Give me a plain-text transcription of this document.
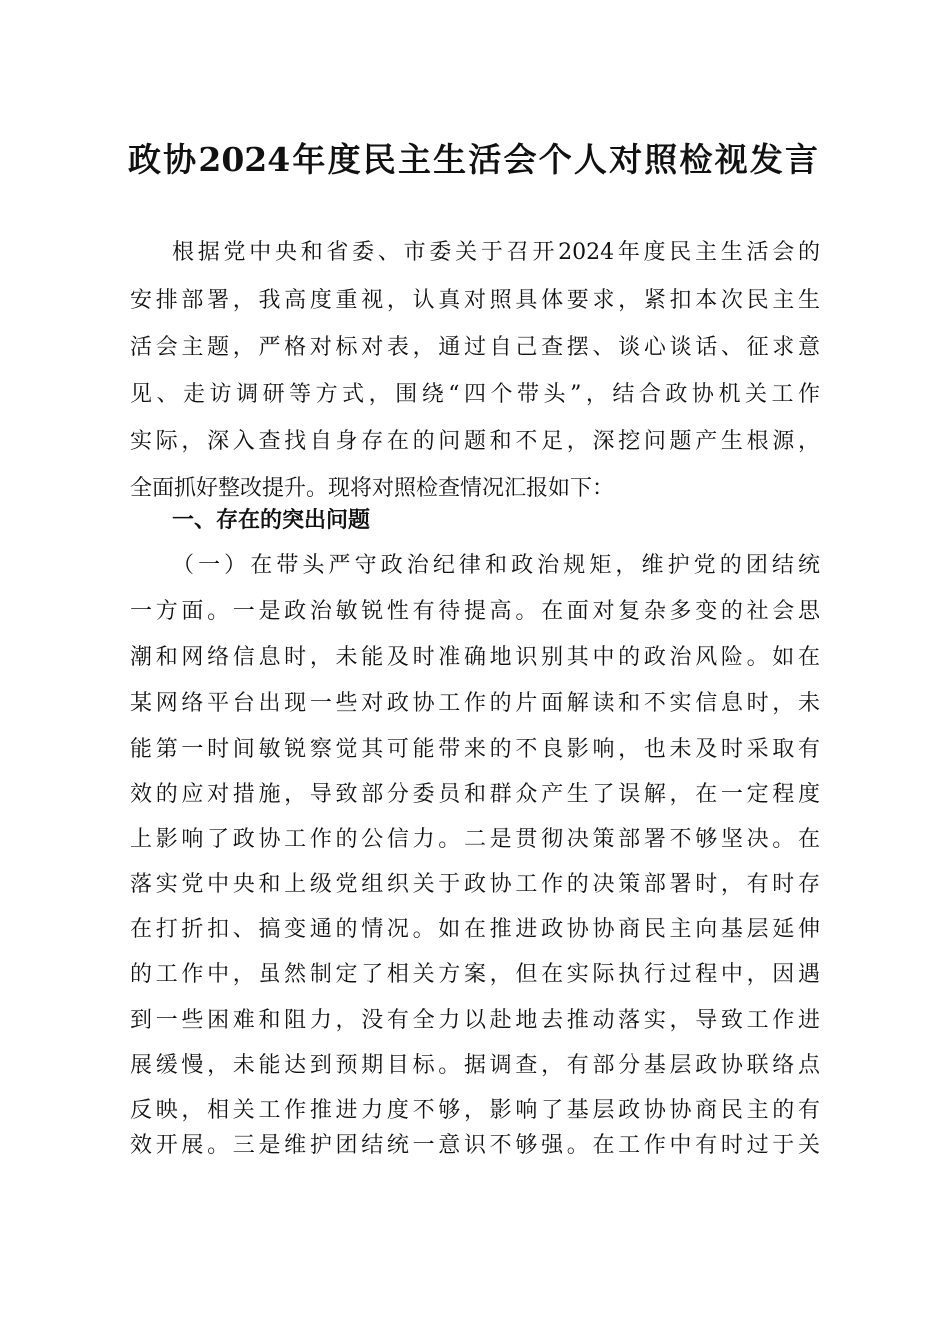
政协2024年度民主生活会个人对照检视发言
根据党中央和省委、市委关于召开2024年度民主生活会的
安排部署，我高度重视，认真对照具体要求，紧扣本次民主生
活会主题，严格对标对表，通过自己查摆、谈心谈话、征求意
见、走访调研等方式，围绕“四个带头”，结合政协机关工作
实际，深入查找自身存在的问题和不足，深挖问题产生根源，
全面抓好整改提升。现将对照检查情况汇报如下：
一、存在的突出问题
（一）在带头严守政治纪律和政治规矩，维护党的团结统
一方面。一是政治敏锐性有待提高。在面对复杂多变的社会思
潮和网络信息时，未能及时准确地识别其中的政治风险。如在
某网络平台出现一些对政协工作的片面解读和不实信息时，未
能第一时间敏锐察觉其可能带来的不良影响，也未及时采取有
效的应对措施，导致部分委员和群众产生了误解，在一定程度
上影响了政协工作的公信力。二是贯彻决策部署不够坚决。在
落实党中央和上级党组织关于政协工作的决策部署时，有时存
在打折扣、搞变通的情况。如在推进政协协商民主向基层延伸
的工作中，虽然制定了相关方案，但在实际执行过程中，因遇
到一些困难和阻力，没有全力以赴地去推动落实，导致工作进
展缓慢，未能达到预期目标。据调查，有部分基层政协联络点
反映，相关工作推进力度不够，影响了基层政协协商民主的有
效开展。三是维护团结统一意识不够强。在工作中有时过于关
